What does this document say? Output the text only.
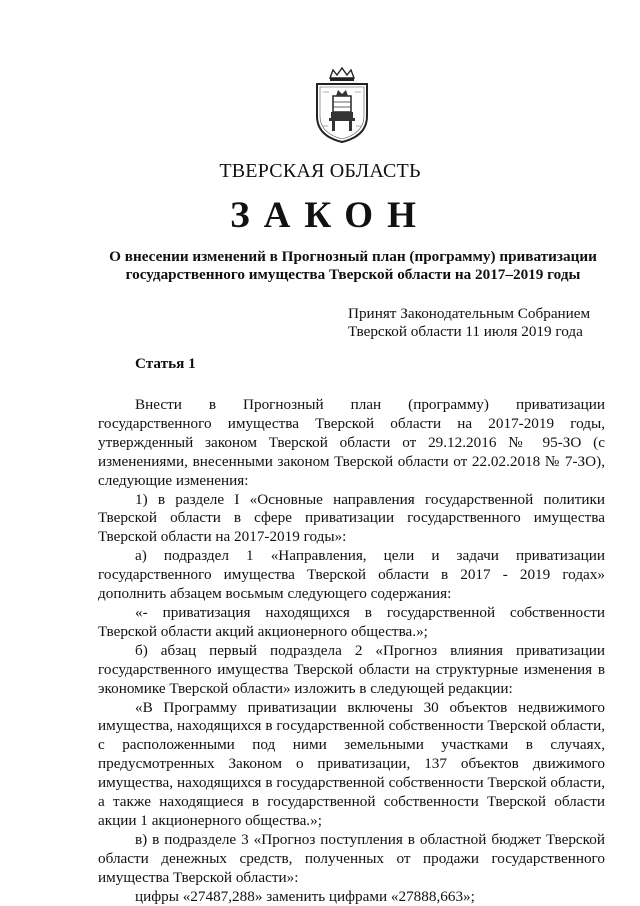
ТВЕРСКАЯ ОБЛАСТЬ
ЗАКОН
О внесении изменений в Прогнозный план (программу) приватизации государственного имущества Тверской области на 2017–2019 годы
Принят Законодательным Собранием
Тверской области 11 июля 2019 года
Статья 1

Внести в Прогнозный план (программу) приватизации государственного имущества Тверской области на 2017-2019 годы, утвержденный законом Тверской области от 29.12.2016 № 95-ЗО (с изменениями, внесенными законом Тверской области от 22.02.2018 № 7-ЗО), следующие изменения:

1) в разделе I «Основные направления государственной политики Тверской области в сфере приватизации государственного имущества Тверской области на 2017-2019 годы»:

а) подраздел 1 «Направления, цели и задачи приватизации государственного имущества Тверской области в 2017 - 2019 годах» дополнить абзацем восьмым следующего содержания:

«- приватизация находящихся в государственной собственности Тверской области акций акционерного общества.»;

б) абзац первый подраздела 2 «Прогноз влияния приватизации государственного имущества Тверской области на структурные изменения в экономике Тверской области» изложить в следующей редакции:

«В Программу приватизации включены 30 объектов недвижимого имущества, находящихся в государственной собственности Тверской области, с расположенными под ними земельными участками в случаях, предусмотренных Законом о приватизации, 137 объектов движимого имущества, находящихся в государственной собственности Тверской области, а также находящиеся в государственной собственности Тверской области акции 1 акционерного общества.»;

в) в подразделе 3 «Прогноз поступления в областной бюджет Тверской области денежных средств, полученных от продажи государственного имущества Тверской области»:

цифры «27487,288» заменить цифрами «27888,663»;
